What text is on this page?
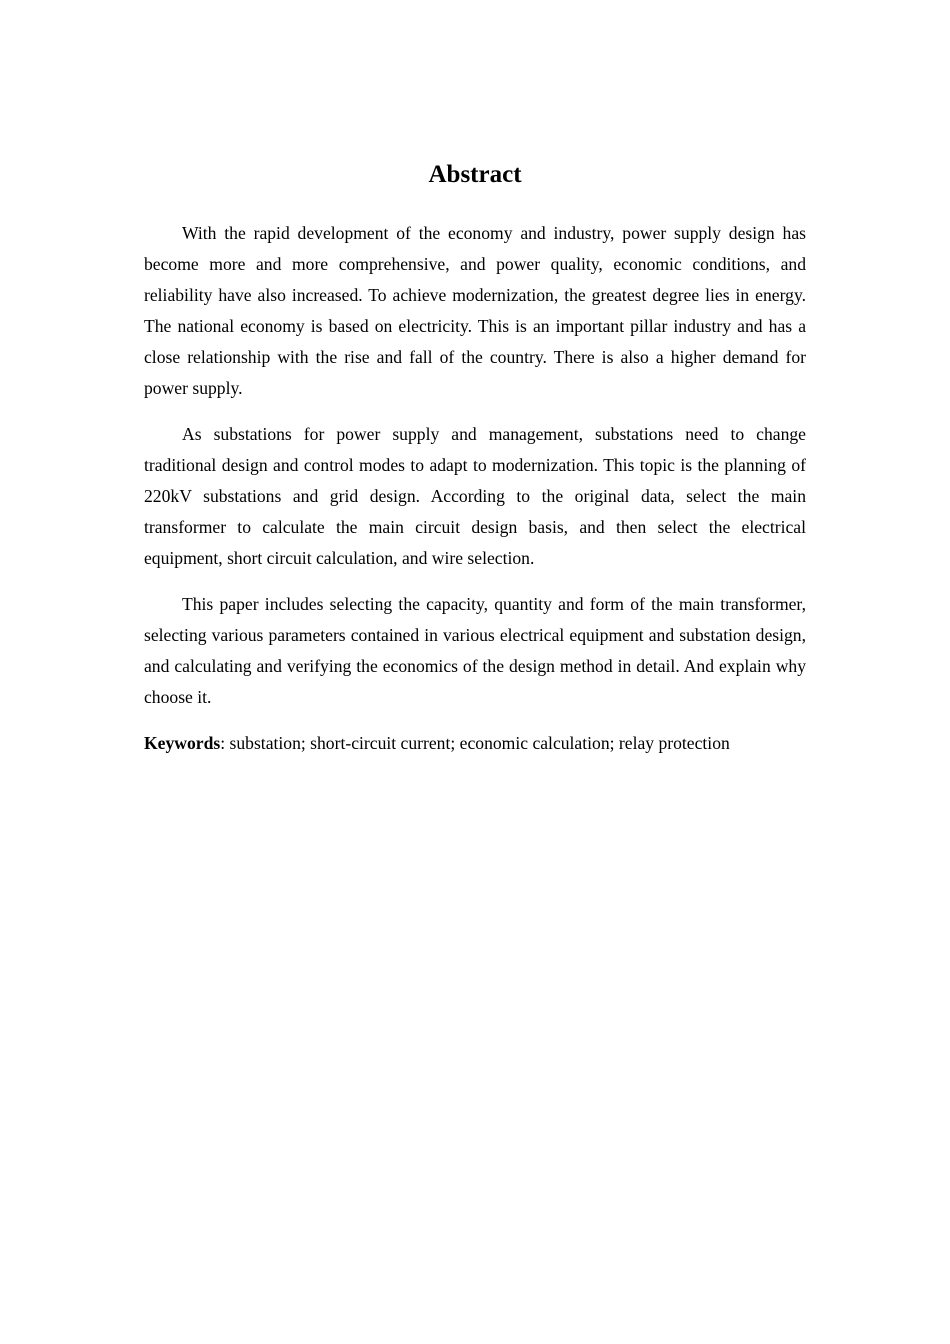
Abstract

With the rapid development of the economy and industry, power supply design has become more and more comprehensive, and power quality, economic conditions, and reliability have also increased. To achieve modernization, the greatest degree lies in energy. The national economy is based on electricity. This is an important pillar industry and has a close relationship with the rise and fall of the country. There is also a higher demand for power supply.

As substations for power supply and management, substations need to change traditional design and control modes to adapt to modernization. This topic is the planning of 220kV substations and grid design. According to the original data, select the main transformer to calculate the main circuit design basis, and then select the electrical equipment, short circuit calculation, and wire selection.

This paper includes selecting the capacity, quantity and form of the main transformer, selecting various parameters contained in various electrical equipment and substation design, and calculating and verifying the economics of the design method in detail. And explain why choose it.

Keywords: substation; short-circuit current; economic calculation; relay protection
